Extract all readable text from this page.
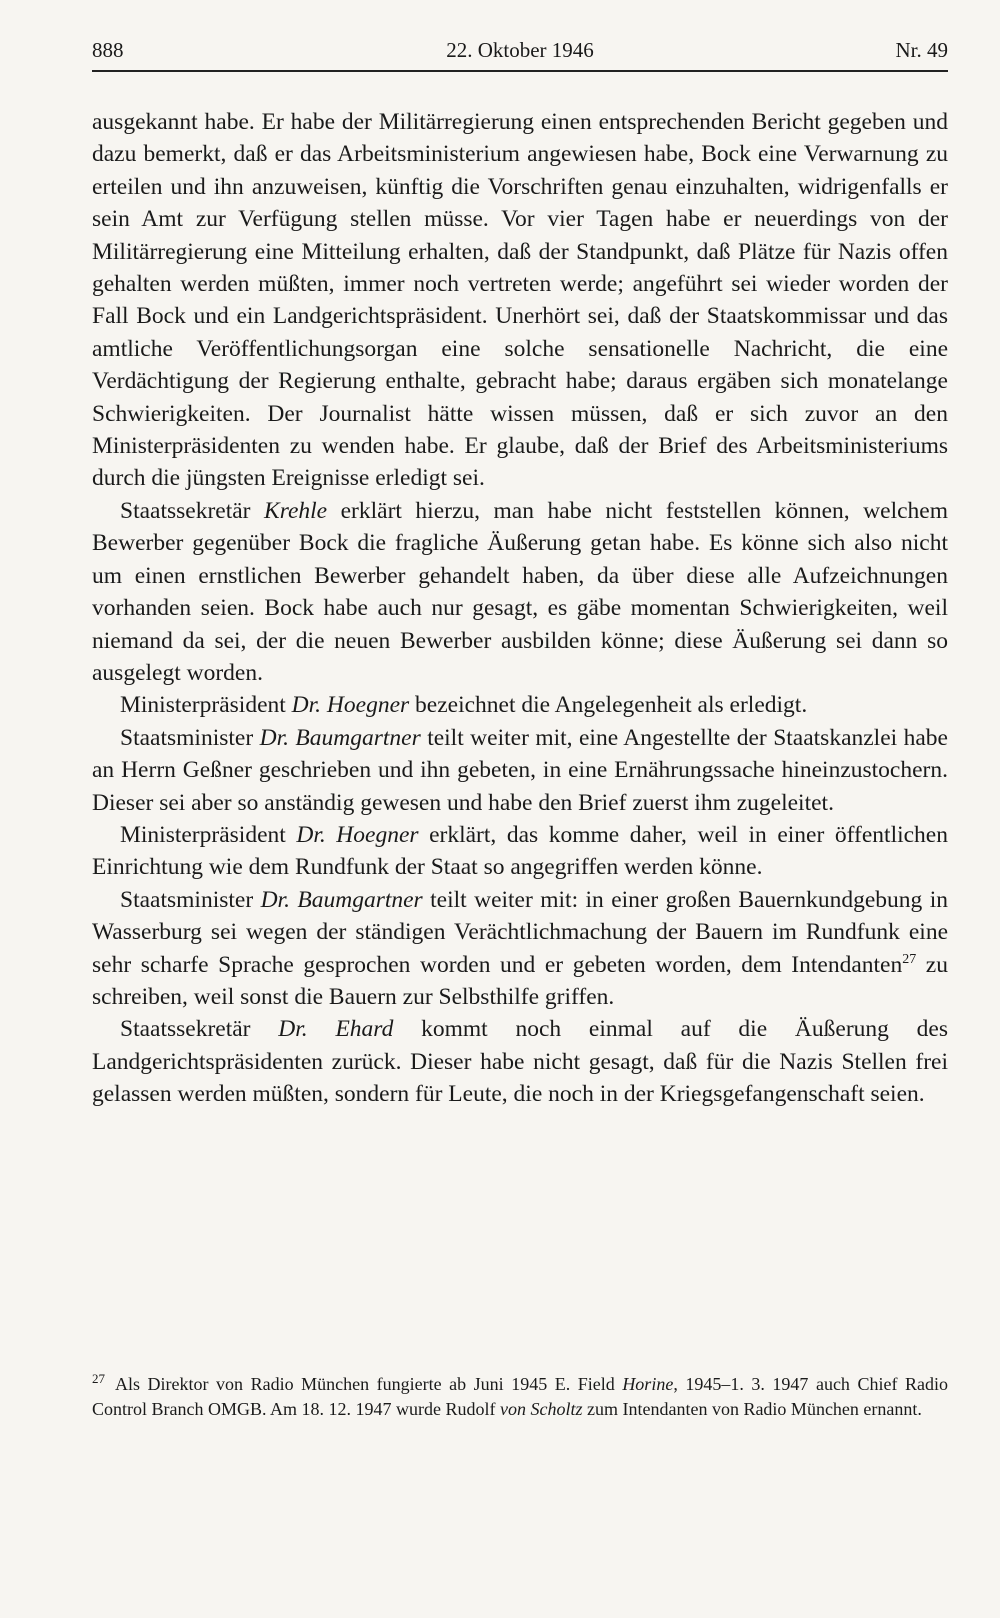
888	22. Oktober 1946	Nr. 49

ausgekannt habe. Er habe der Militärregierung einen entsprechenden Bericht gegeben und dazu bemerkt, daß er das Arbeitsministerium angewiesen habe, Bock eine Verwarnung zu erteilen und ihn anzuweisen, künftig die Vorschriften genau einzuhalten, widrigenfalls er sein Amt zur Verfügung stellen müsse. Vor vier Tagen habe er neuerdings von der Militärregierung eine Mitteilung erhalten, daß der Standpunkt, daß Plätze für Nazis offen gehalten werden müßten, immer noch vertreten werde; angeführt sei wieder worden der Fall Bock und ein Landgerichtspräsident. Unerhört sei, daß der Staatskommissar und das amtliche Veröffentlichungsorgan eine solche sensationelle Nachricht, die eine Verdächtigung der Regierung enthalte, gebracht habe; daraus ergäben sich monatelange Schwierigkeiten. Der Journalist hätte wissen müssen, daß er sich zuvor an den Ministerpräsidenten zu wenden habe. Er glaube, daß der Brief des Arbeitsministeriums durch die jüngsten Ereignisse erledigt sei.

Staatssekretär Krehle erklärt hierzu, man habe nicht feststellen können, welchem Bewerber gegenüber Bock die fragliche Äußerung getan habe. Es könne sich also nicht um einen ernstlichen Bewerber gehandelt haben, da über diese alle Aufzeichnungen vorhanden seien. Bock habe auch nur gesagt, es gäbe momentan Schwierigkeiten, weil niemand da sei, der die neuen Bewerber ausbilden könne; diese Äußerung sei dann so ausgelegt worden.

Ministerpräsident Dr. Hoegner bezeichnet die Angelegenheit als erledigt.

Staatsminister Dr. Baumgartner teilt weiter mit, eine Angestellte der Staatskanzlei habe an Herrn Geßner geschrieben und ihn gebeten, in eine Ernährungssache hineinzustochern. Dieser sei aber so anständig gewesen und habe den Brief zuerst ihm zugeleitet.

Ministerpräsident Dr. Hoegner erklärt, das komme daher, weil in einer öffentlichen Einrichtung wie dem Rundfunk der Staat so angegriffen werden könne.

Staatsminister Dr. Baumgartner teilt weiter mit: in einer großen Bauernkundgebung in Wasserburg sei wegen der ständigen Verächtlichmachung der Bauern im Rundfunk eine sehr scharfe Sprache gesprochen worden und er gebeten worden, dem Intendanten$^{27}$ zu schreiben, weil sonst die Bauern zur Selbsthilfe griffen.

Staatssekretär Dr. Ehard kommt noch einmal auf die Äußerung des Landgerichtspräsidenten zurück. Dieser habe nicht gesagt, daß für die Nazis Stellen frei gelassen werden müßten, sondern für Leute, die noch in der Kriegsgefangenschaft seien.

$^{27}$ Als Direktor von Radio München fungierte ab Juni 1945 E. Field Horine, 1945–1. 3. 1947 auch Chief Radio Control Branch OMGB. Am 18. 12. 1947 wurde Rudolf von Scholtz zum Intendanten von Radio München ernannt.
